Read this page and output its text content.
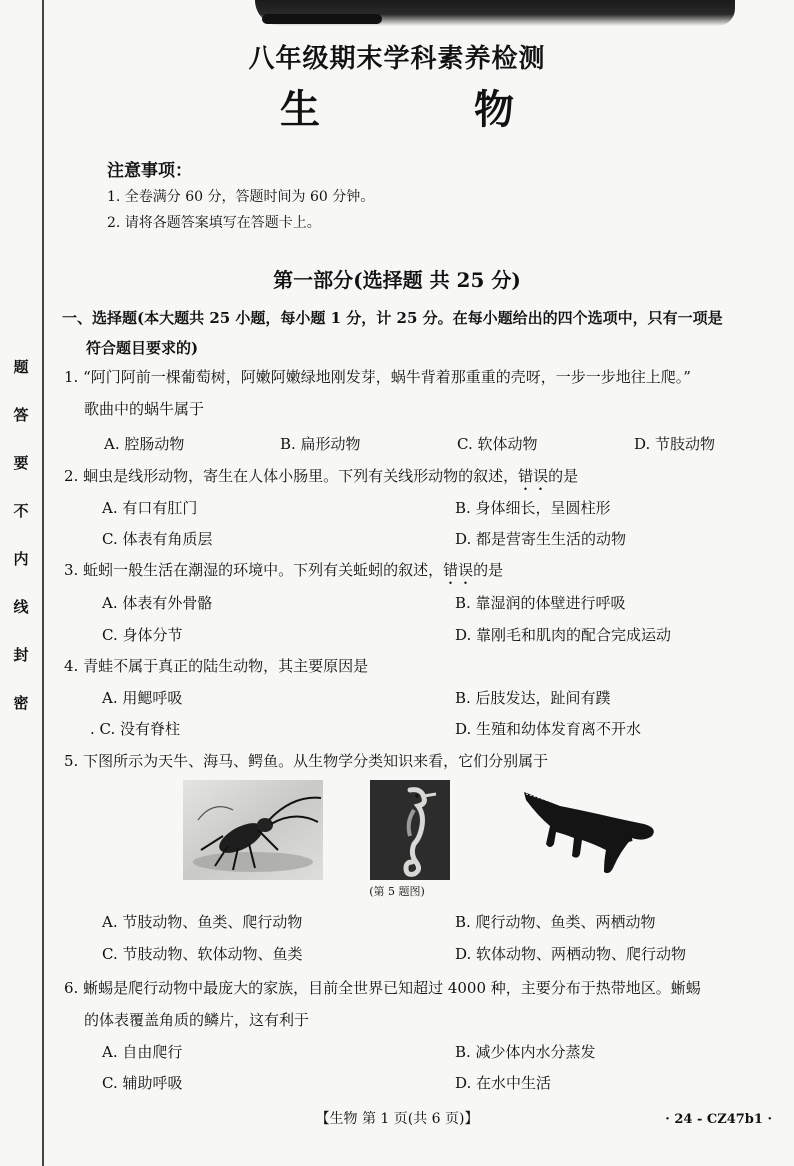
题
答
要
不
内
线
封
密
八年级期末学科素养检测
生 物
注意事项：
1. 全卷满分 60 分，答题时间为 60 分钟。
2. 请将各题答案填写在答题卡上。
第一部分(选择题 共 25 分)
一、选择题(本大题共 25 小题，每小题 1 分，计 25 分。在每小题给出的四个选项中，只有一项是
符合题目要求的)
1. “阿门阿前一棵葡萄树，阿嫩阿嫩绿地刚发芽，蜗牛背着那重重的壳呀，一步一步地往上爬。”
歌曲中的蜗牛属于
A. 腔肠动物	B. 扁形动物	C. 软体动物	D. 节肢动物
2. 蛔虫是线形动物，寄生在人体小肠里。下列有关线形动物的叙述，错误的是
A. 有口有肛门	B. 身体细长，呈圆柱形
C. 体表有角质层	D. 都是营寄生生活的动物
3. 蚯蚓一般生活在潮湿的环境中。下列有关蚯蚓的叙述，错误的是
A. 体表有外骨骼	B. 靠湿润的体壁进行呼吸
C. 身体分节	D. 靠刚毛和肌肉的配合完成运动
4. 青蛙不属于真正的陆生动物，其主要原因是
A. 用鳃呼吸	B. 后肢发达，趾间有蹼
. C. 没有脊柱	D. 生殖和幼体发育离不开水
5. 下图所示为天牛、海马、鳄鱼。从生物学分类知识来看，它们分别属于
(第 5 题图)
A. 节肢动物、鱼类、爬行动物	B. 爬行动物、鱼类、两栖动物
C. 节肢动物、软体动物、鱼类	D. 软体动物、两栖动物、爬行动物
6. 蜥蜴是爬行动物中最庞大的家族，目前全世界已知超过 4000 种，主要分布于热带地区。蜥蜴
的体表覆盖角质的鳞片，这有利于
A. 自由爬行	B. 减少体内水分蒸发
C. 辅助呼吸	D. 在水中生活
【生物 第 1 页(共 6 页)】	· 24 - CZ47b1 ·
